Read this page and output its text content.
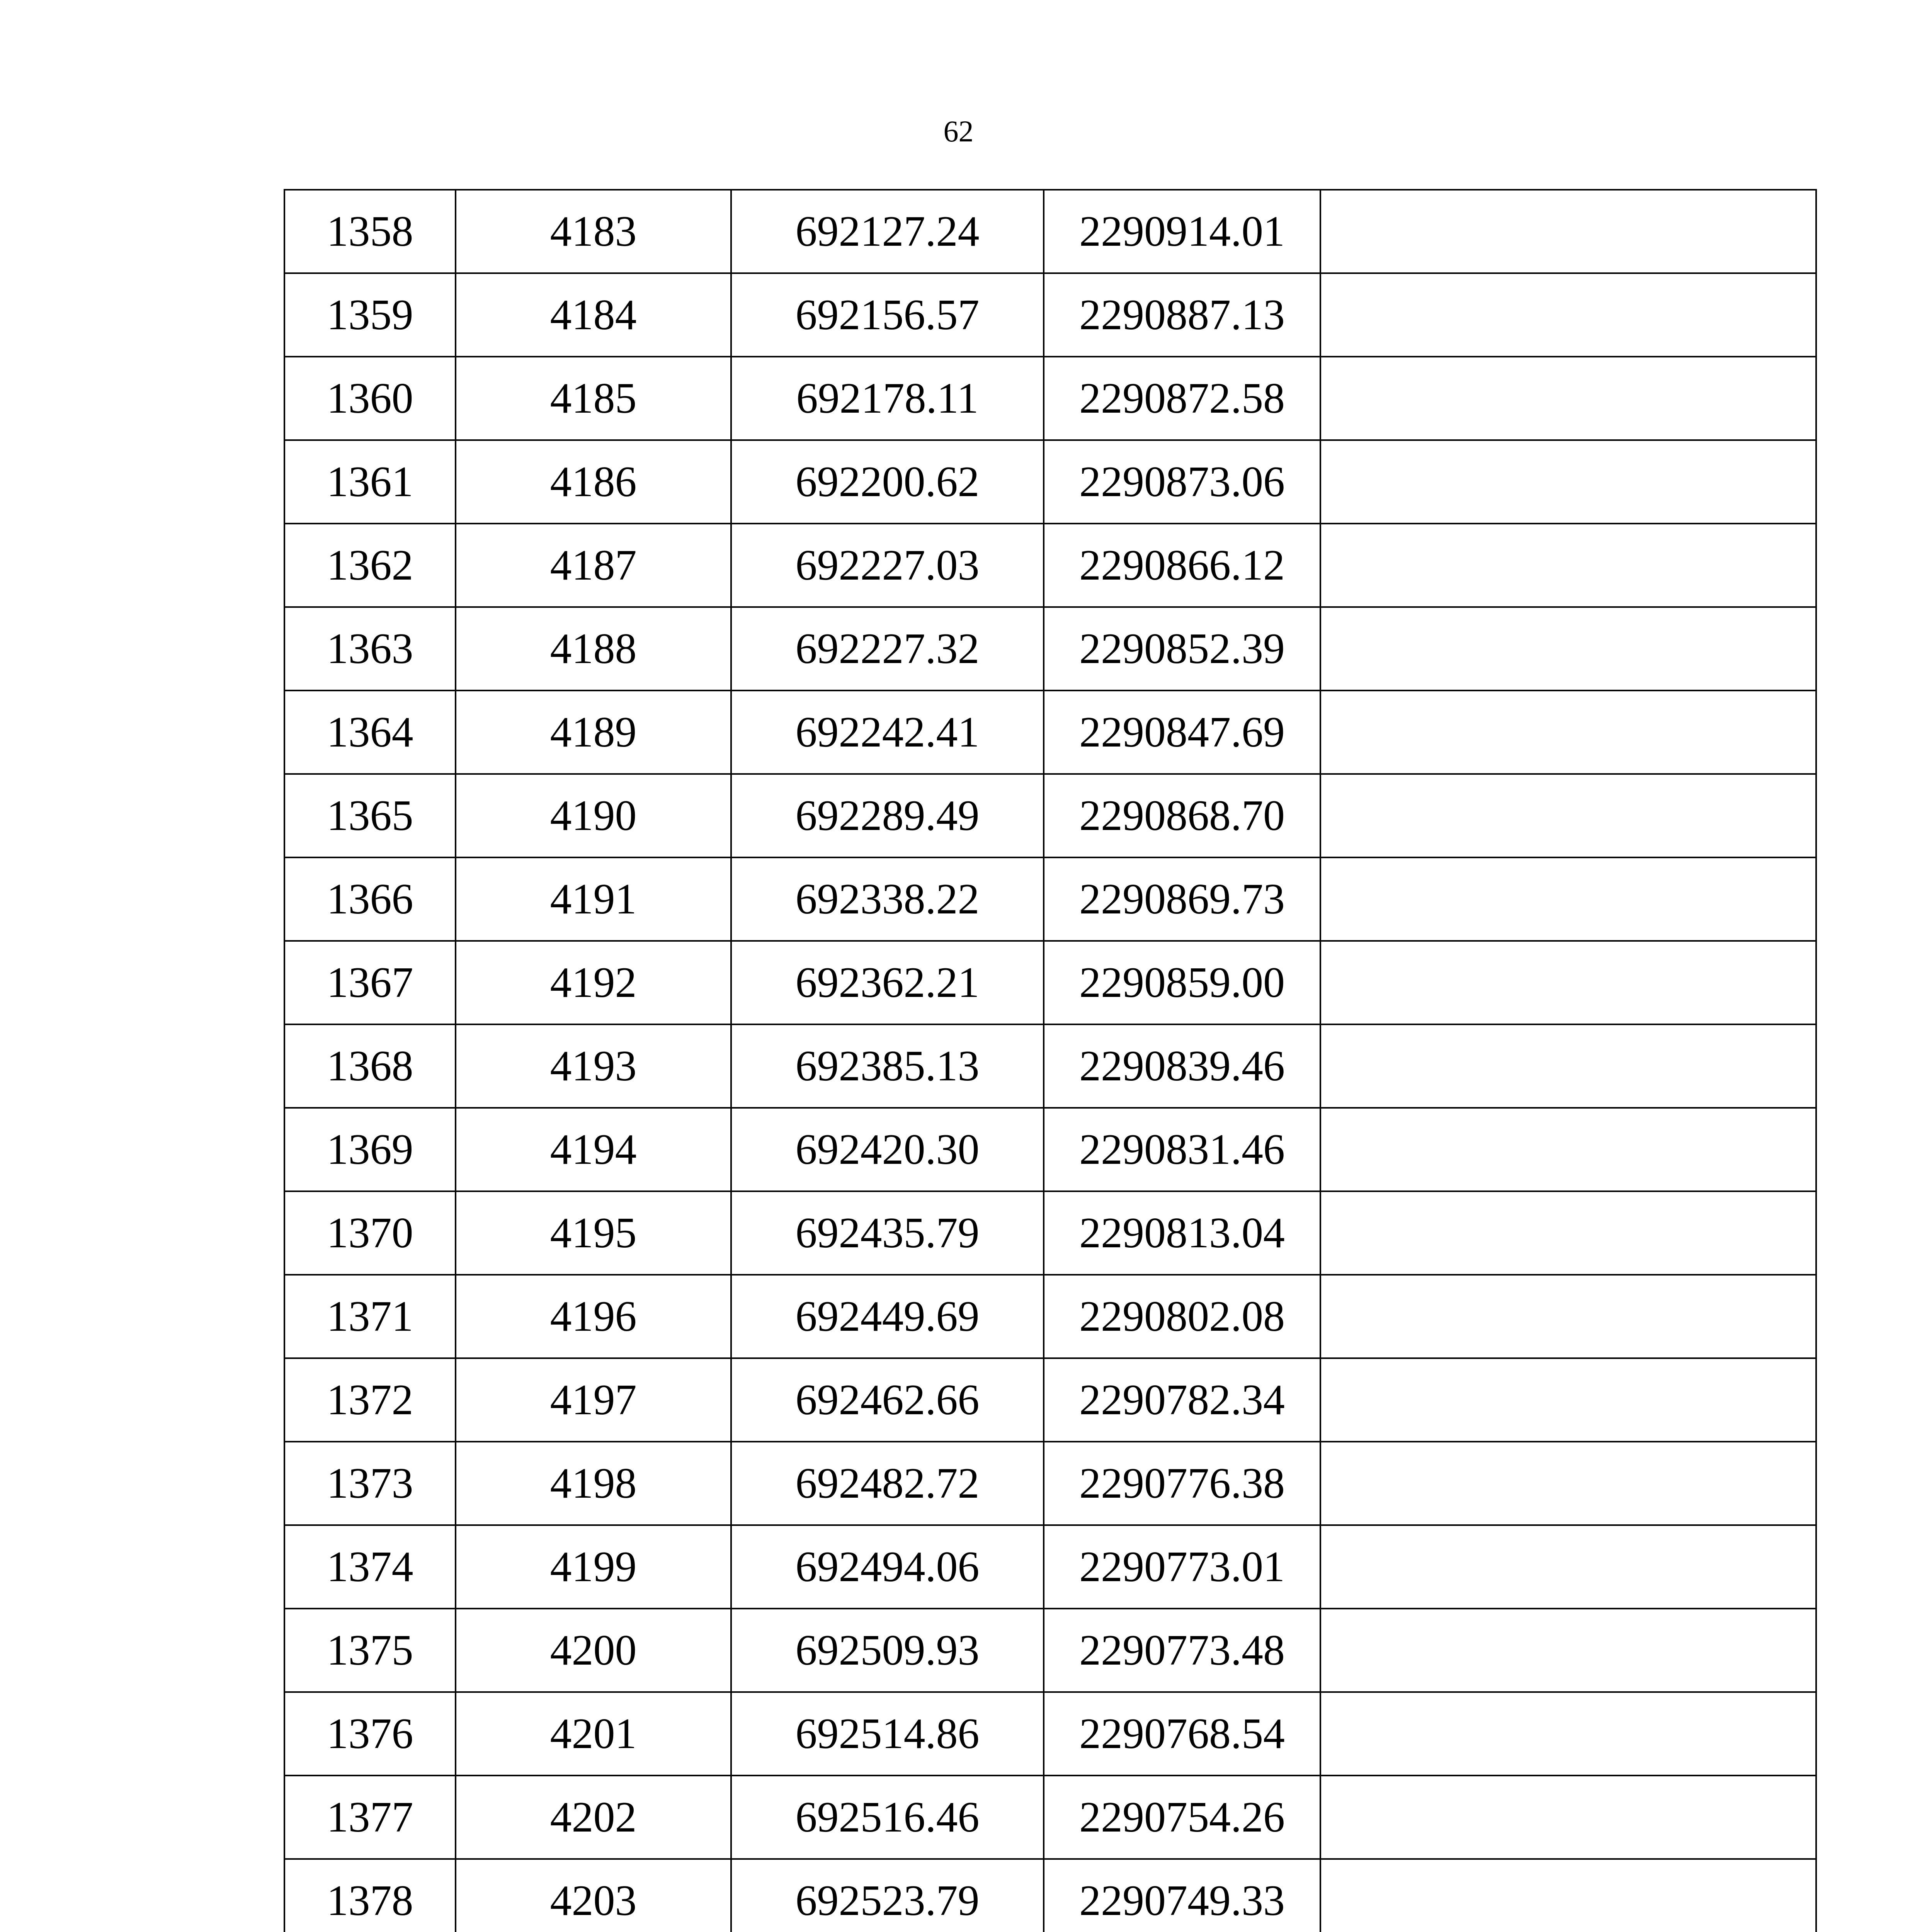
62
1358	4183	692127.24	2290914.01	
1359	4184	692156.57	2290887.13	
1360	4185	692178.11	2290872.58	
1361	4186	692200.62	2290873.06	
1362	4187	692227.03	2290866.12	
1363	4188	692227.32	2290852.39	
1364	4189	692242.41	2290847.69	
1365	4190	692289.49	2290868.70	
1366	4191	692338.22	2290869.73	
1367	4192	692362.21	2290859.00	
1368	4193	692385.13	2290839.46	
1369	4194	692420.30	2290831.46	
1370	4195	692435.79	2290813.04	
1371	4196	692449.69	2290802.08	
1372	4197	692462.66	2290782.34	
1373	4198	692482.72	2290776.38	
1374	4199	692494.06	2290773.01	
1375	4200	692509.93	2290773.48	
1376	4201	692514.86	2290768.54	
1377	4202	692516.46	2290754.26	
1378	4203	692523.79	2290749.33	
